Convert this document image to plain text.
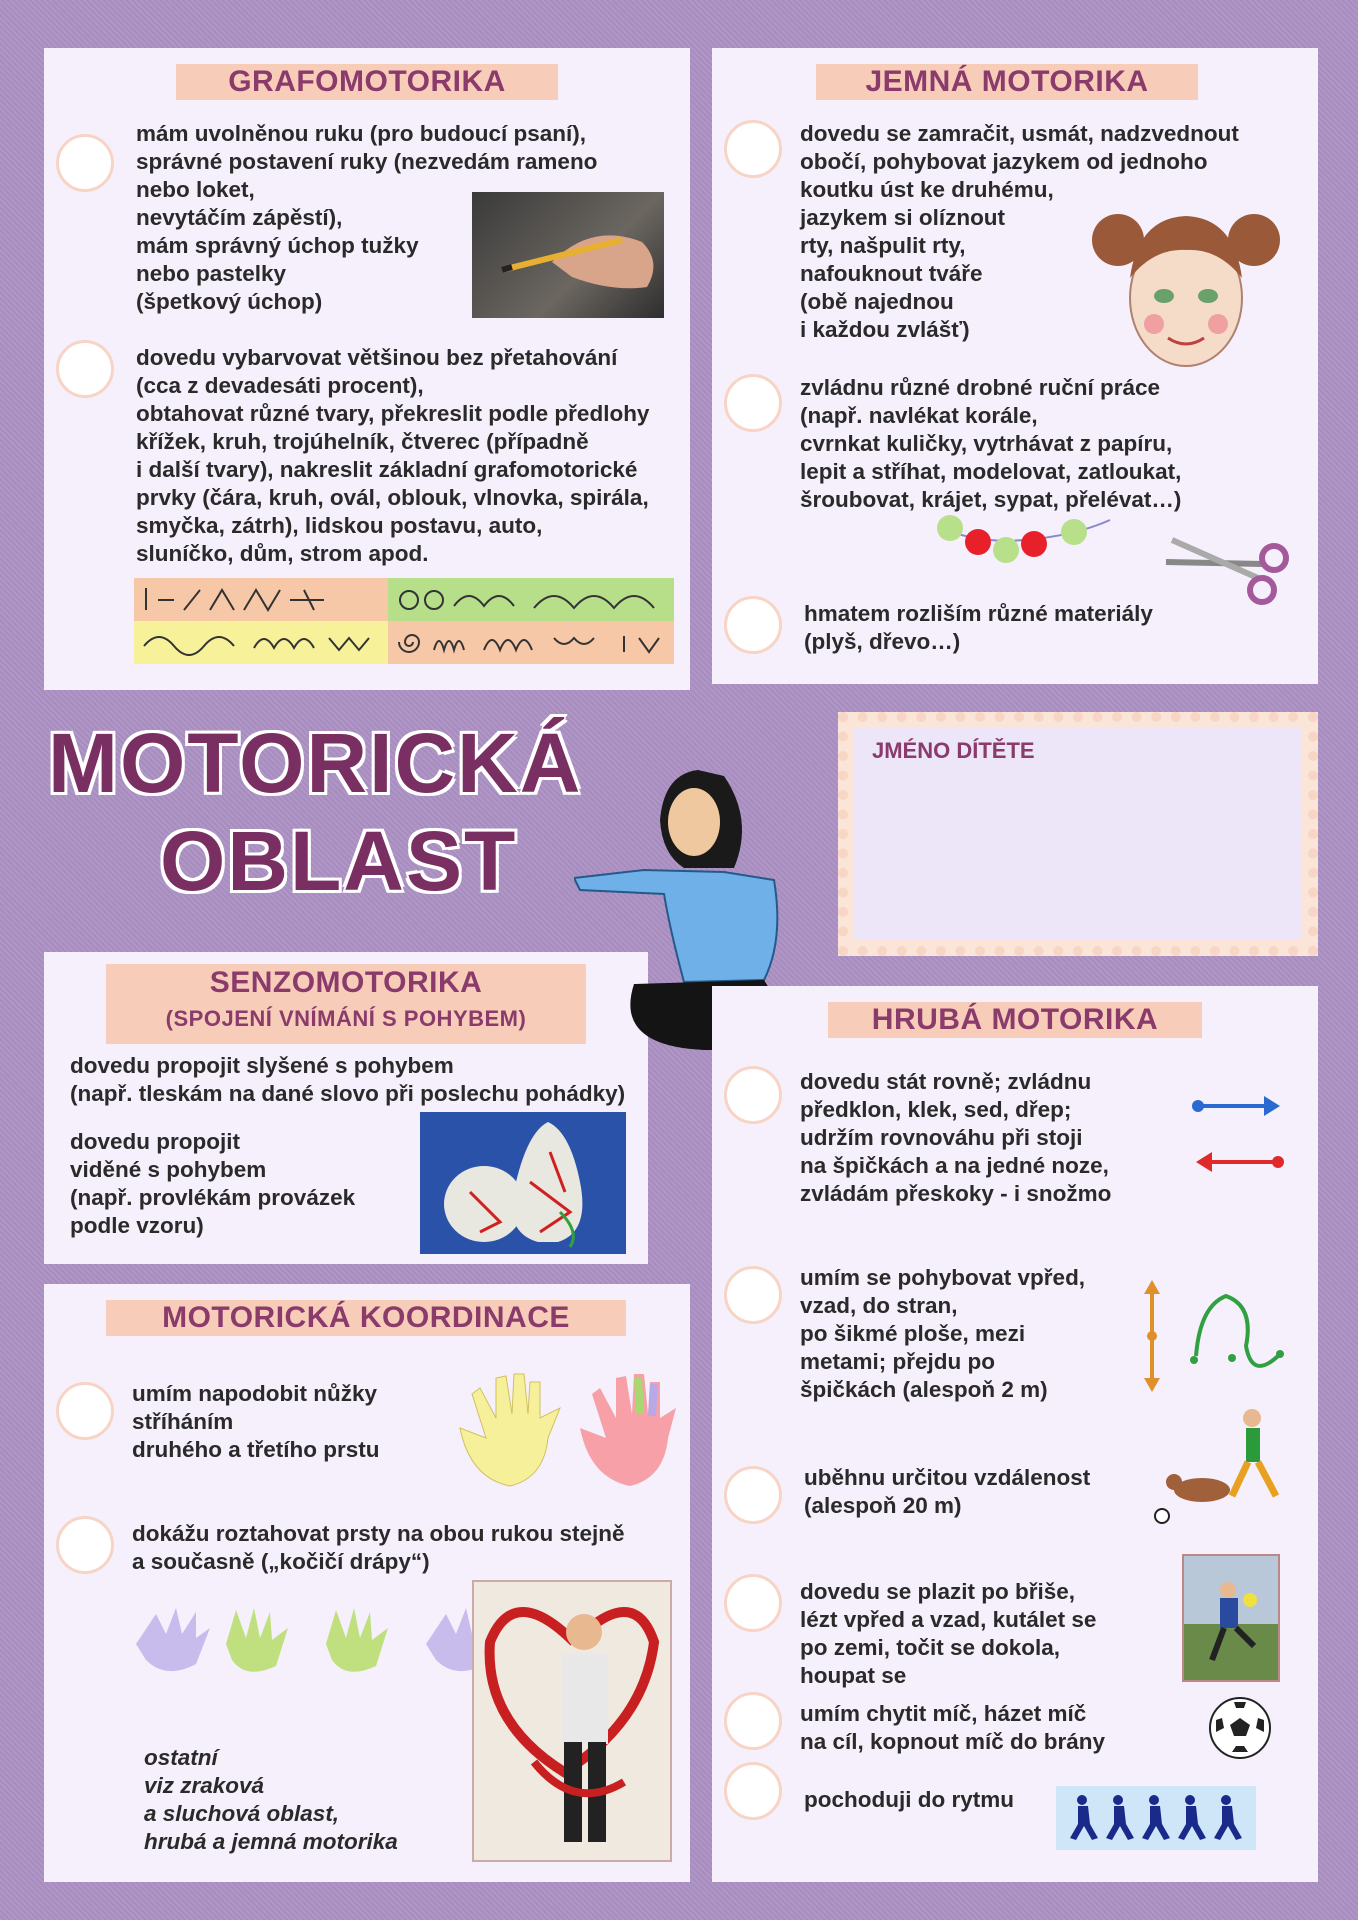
GRAFOMOTORIKA

mám uvolněnou ruku (pro budoucí psaní),
správné postavení ruky (nezvedám rameno
nebo loket,
nevytáčím zápěstí),
mám správný úchop tužky
nebo pastelky
(špetkový úchop)

dovedu vybarvovat většinou bez přetahování
(cca z devadesáti procent),
obtahovat různé tvary, překreslit podle předlohy
křížek, kruh, trojúhelník, čtverec (případně
i další tvary), nakreslit základní grafomotorické
prvky (čára, kruh, ovál, oblouk, vlnovka, spirála,
smyčka, zátrh), lidskou postavu, auto,
sluníčko, dům, strom apod.

JEMNÁ MOTORIKA

dovedu se zamračit, usmát, nadzvednout
obočí, pohybovat jazykem od jednoho
koutku úst ke druhému,
jazykem si olíznout
rty, našpulit rty,
nafouknout tváře
(obě najednou
i každou zvlášť)

zvládnu různé drobné ruční práce
(např. navlékat korále,
cvrnkat kuličky, vytrhávat z papíru,
lepit a stříhat, modelovat, zatloukat,
šroubovat, krájet, sypat, přelévat…)

hmatem rozliším různé materiály
(plyš, dřevo…)

JMÉNO DÍTĚTE
MOTORICKÁ
OBLAST
SENZOMOTORIKA
(SPOJENÍ VNÍMÁNÍ S POHYBEM)

dovedu propojit slyšené s pohybem
(např. tleskám na dané slovo při poslechu pohádky)

dovedu propojit
viděné s pohybem
(např. provlékám provázek
podle vzoru)

MOTORICKÁ KOORDINACE

umím napodobit nůžky
stříháním
druhého a třetího prstu

dokážu roztahovat prsty na obou rukou stejně
a současně („kočičí drápy“)

ostatní
viz zraková
a sluchová oblast,
hrubá a jemná motorika

HRUBÁ MOTORIKA

dovedu stát rovně; zvládnu
předklon, klek, sed, dřep;
udržím rovnováhu při stoji
na špičkách a na jedné noze,
zvládám přeskoky - i snožmo

umím se pohybovat vpřed,
vzad, do stran,
po šikmé ploše, mezi
metami; přejdu po
špičkách (alespoň 2 m)

uběhnu určitou vzdálenost
(alespoň 20 m)

dovedu se plazit po břiše,
lézt vpřed a vzad, kutálet se
po zemi, točit se dokola,
houpat se

umím chytit míč, házet míč
na cíl, kopnout míč do brány

pochoduji do rytmu
